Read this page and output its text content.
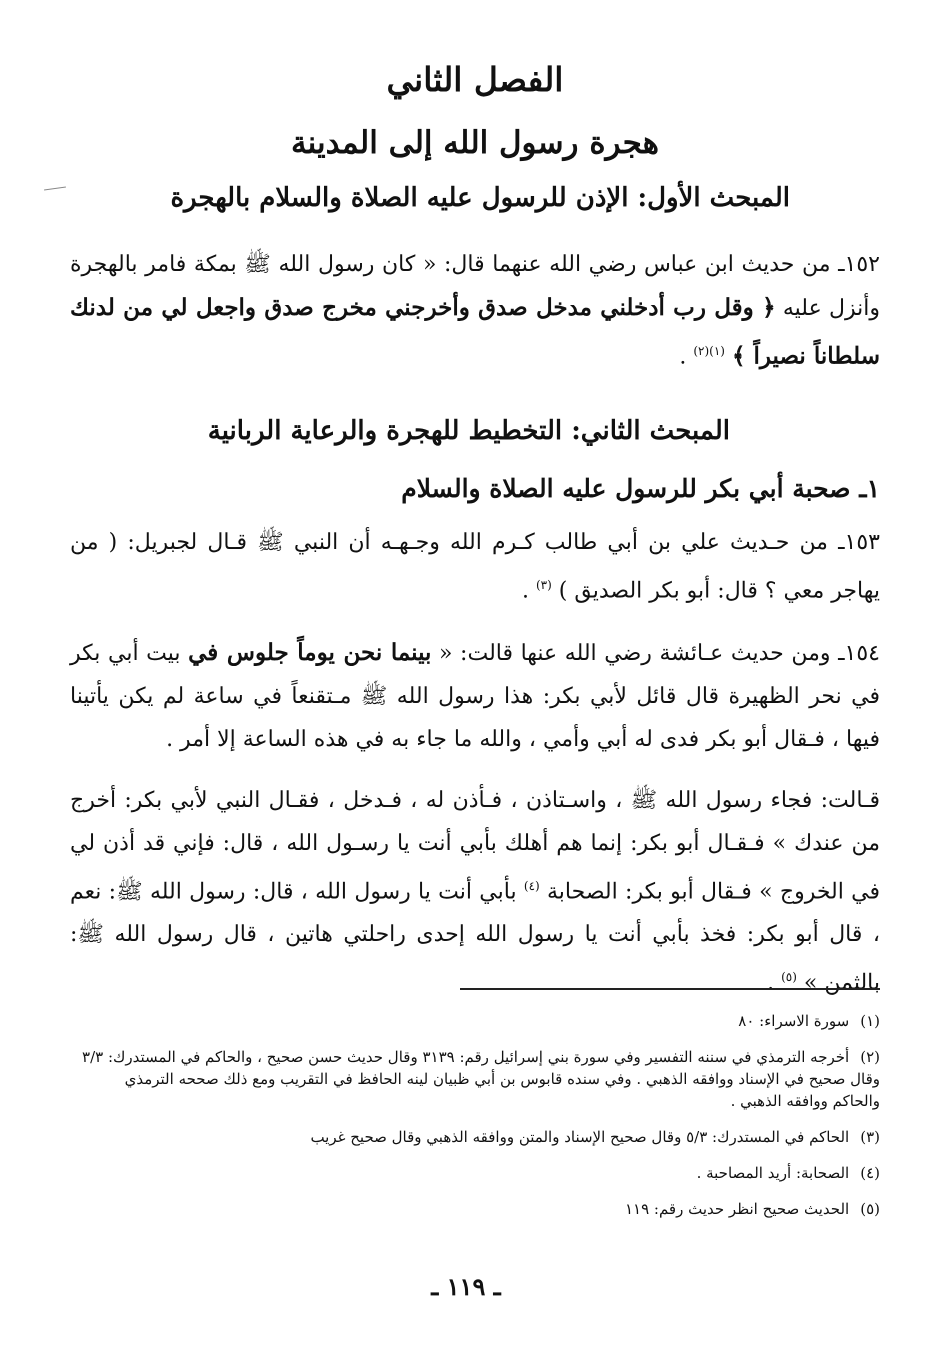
الفصل الثاني
هجرة رسول الله إلى المدينة
المبحث الأول: الإذن للرسول عليه الصلاة والسلام بالهجرة
١٥٢ـ من حديث ابن عباس رضي الله عنهما قال: « كان رسول الله ﷺ بمكة فامر بالهجرة وأنزل عليه ﴿ وقل رب أدخلني مدخل صدق وأخرجني مخرج صدق واجعل لي من لدنك سلطاناً نصيراً ﴾ $^{(١)(٢)}$ .
المبحث الثاني: التخطيط للهجرة والرعاية الربانية
١ـ صحبة أبي بكر للرسول عليه الصلاة والسلام
١٥٣ـ من حـديث علي بن أبي طالب كـرم الله وجـهـه أن النبي ﷺ قـال لجبريل: ( من يهاجر معي ؟ قال: أبو بكر الصديق ) $^{(٣)}$ .
١٥٤ـ ومن حديث عـائشة رضي الله عنها قالت: « بينما نحن يوماً جلوس في بيت أبي بكر في نحر الظهيرة قال قائل لأبي بكر: هذا رسول الله ﷺ مـتقنعاً في ساعة لم يكن يأتينا فيها ، فـقال أبو بكر فدى له أبي وأمي ، والله ما جاء به في هذه الساعة إلا أمر .
قـالت: فجاء رسول الله ﷺ ، واسـتاذن ، فـأذن له ، فـدخل ، فقـال النبي لأبي بكر: أخرج من عندك » فـقـال أبو بكر: إنما هم أهلك بأبي أنت يا رسـول الله ، قال: فإني قد أذن لي في الخروج » فـقال أبو بكر: الصحابة $^{(٤)}$ بأبي أنت يا رسول الله ، قال: رسول الله ﷺ: نعم ، قال أبو بكر: فخذ بأبي أنت يا رسول الله إحدى راحلتي هاتين ، قال رسول الله ﷺ: بالثمن » $^{(٥)}$ .
(١) سورة الاسراء: ٨٠
(٢) أخرجه الترمذي في سننه التفسير وفي سورة بني إسرائيل رقم: ٣١٣٩ وقال حديث حسن صحيح ، والحاكم في المستدرك: ٣/٣ وقال صحيح في الإسناد ووافقه الذهبي . وفي سنده قابوس بن أبي ظبيان لينه الحافظ في التقريب ومع ذلك صححه الترمذي والحاكم ووافقه الذهبي .
(٣) الحاكم في المستدرك: ٥/٣ وقال صحيح الإسناد والمتن ووافقه الذهبي وقال صحيح غريب
(٤) الصحابة: أريد المصاحبة .
(٥) الحديث صحيح انظر حديث رقم: ١١٩
ـ ١١٩ ـ
